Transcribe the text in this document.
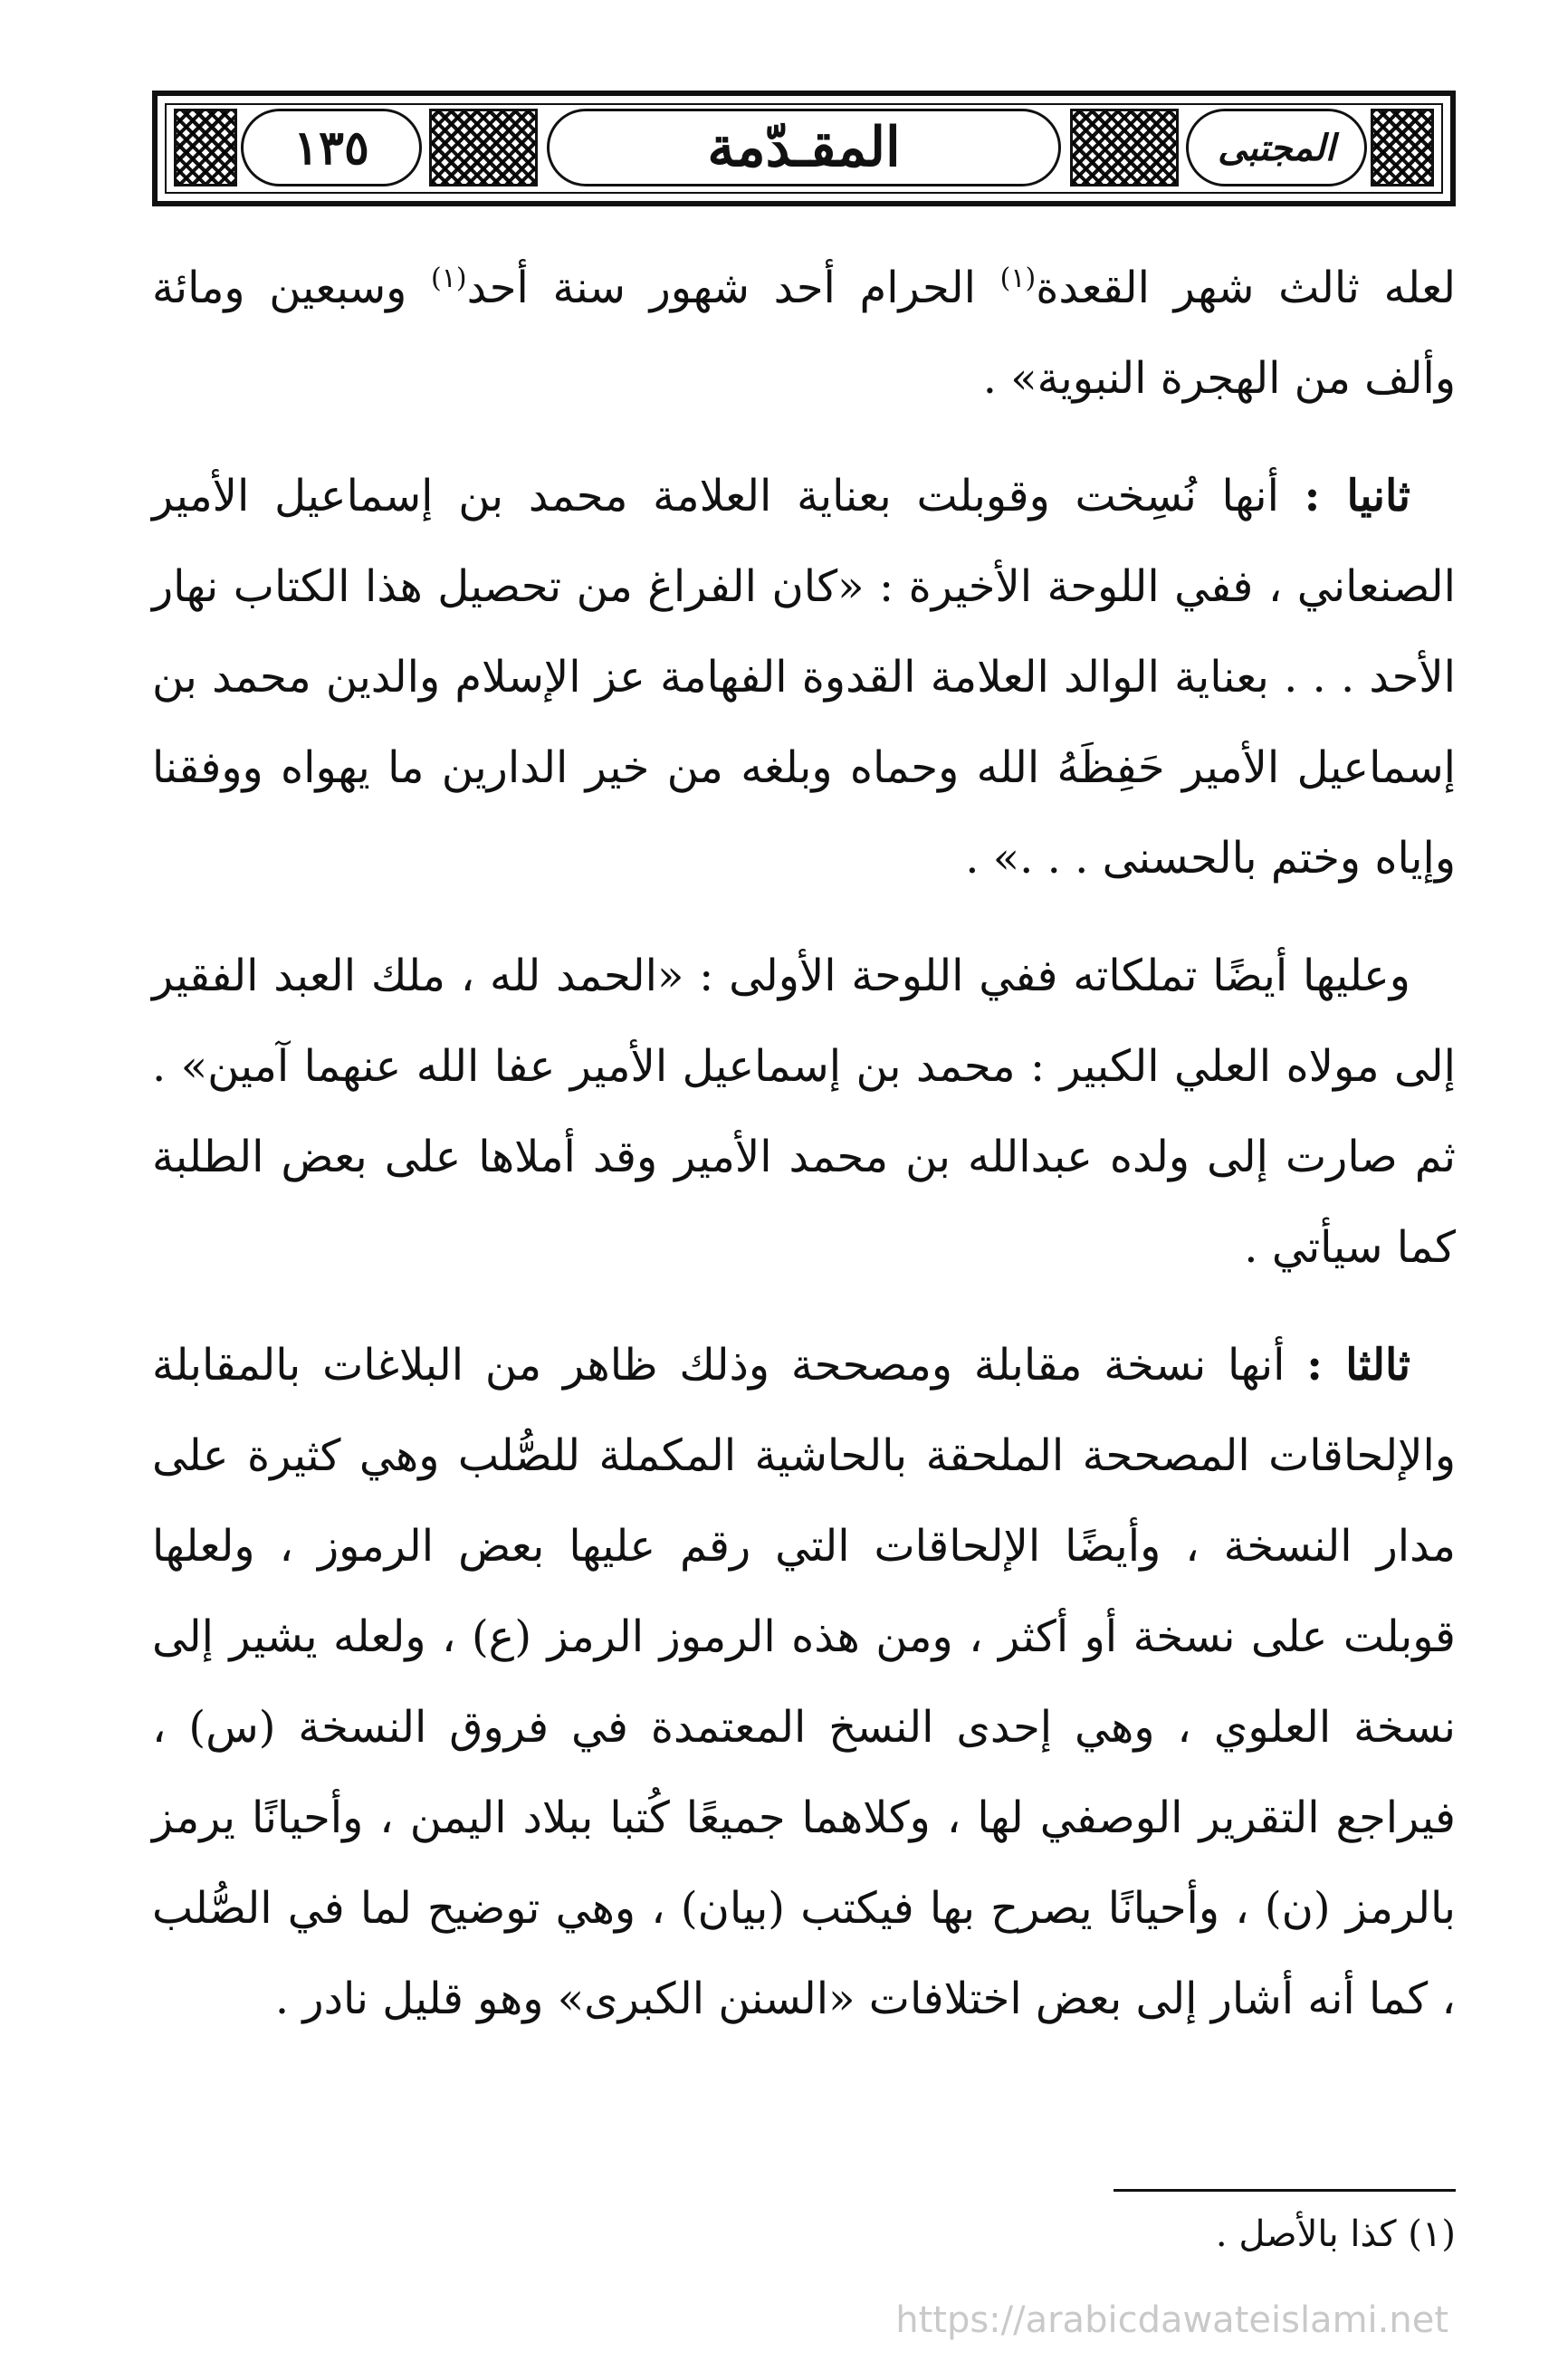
١٣٥	المقـدّمة	المجتبى

لعله ثالث شهر القعدة$^{(١)}$ الحرام أحد شهور سنة أحد$^{(١)}$ وسبعين ومائة وألف من الهجرة النبوية» .

ثانيا : أنها نُسِخت وقوبلت بعناية العلامة محمد بن إسماعيل الأمير الصنعاني ، ففي اللوحة الأخيرة : «كان الفراغ من تحصيل هذا الكتاب نهار الأحد . . . بعناية الوالد العلامة القدوة الفهامة عز الإسلام والدين محمد بن إسماعيل الأمير حَفِظَهُ الله وحماه وبلغه من خير الدارين ما يهواه ووفقنا وإياه وختم بالحسنى . . .» .

وعليها أيضًا تملكاته ففي اللوحة الأولى : «الحمد لله ، ملك العبد الفقير إلى مولاه العلي الكبير : محمد بن إسماعيل الأمير عفا الله عنهما آمين» . ثم صارت إلى ولده عبدالله بن محمد الأمير وقد أملاها على بعض الطلبة كما سيأتي .

ثالثا : أنها نسخة مقابلة ومصححة وذلك ظاهر من البلاغات بالمقابلة والإلحاقات المصححة الملحقة بالحاشية المكملة للصُّلب وهي كثيرة على مدار النسخة ، وأيضًا الإلحاقات التي رقم عليها بعض الرموز ، ولعلها قوبلت على نسخة أو أكثر ، ومن هذه الرموز الرمز (ع) ، ولعله يشير إلى نسخة العلوي ، وهي إحدى النسخ المعتمدة في فروق النسخة (س) ، فيراجع التقرير الوصفي لها ، وكلاهما جميعًا كُتبا ببلاد اليمن ، وأحيانًا يرمز بالرمز (ن) ، وأحيانًا يصرح بها فيكتب (بيان) ، وهي توضيح لما في الصُّلب ، كما أنه أشار إلى بعض اختلافات «السنن الكبرى» وهو قليل نادر .

(١) كذا بالأصل .
https://arabicdawateislami.net
